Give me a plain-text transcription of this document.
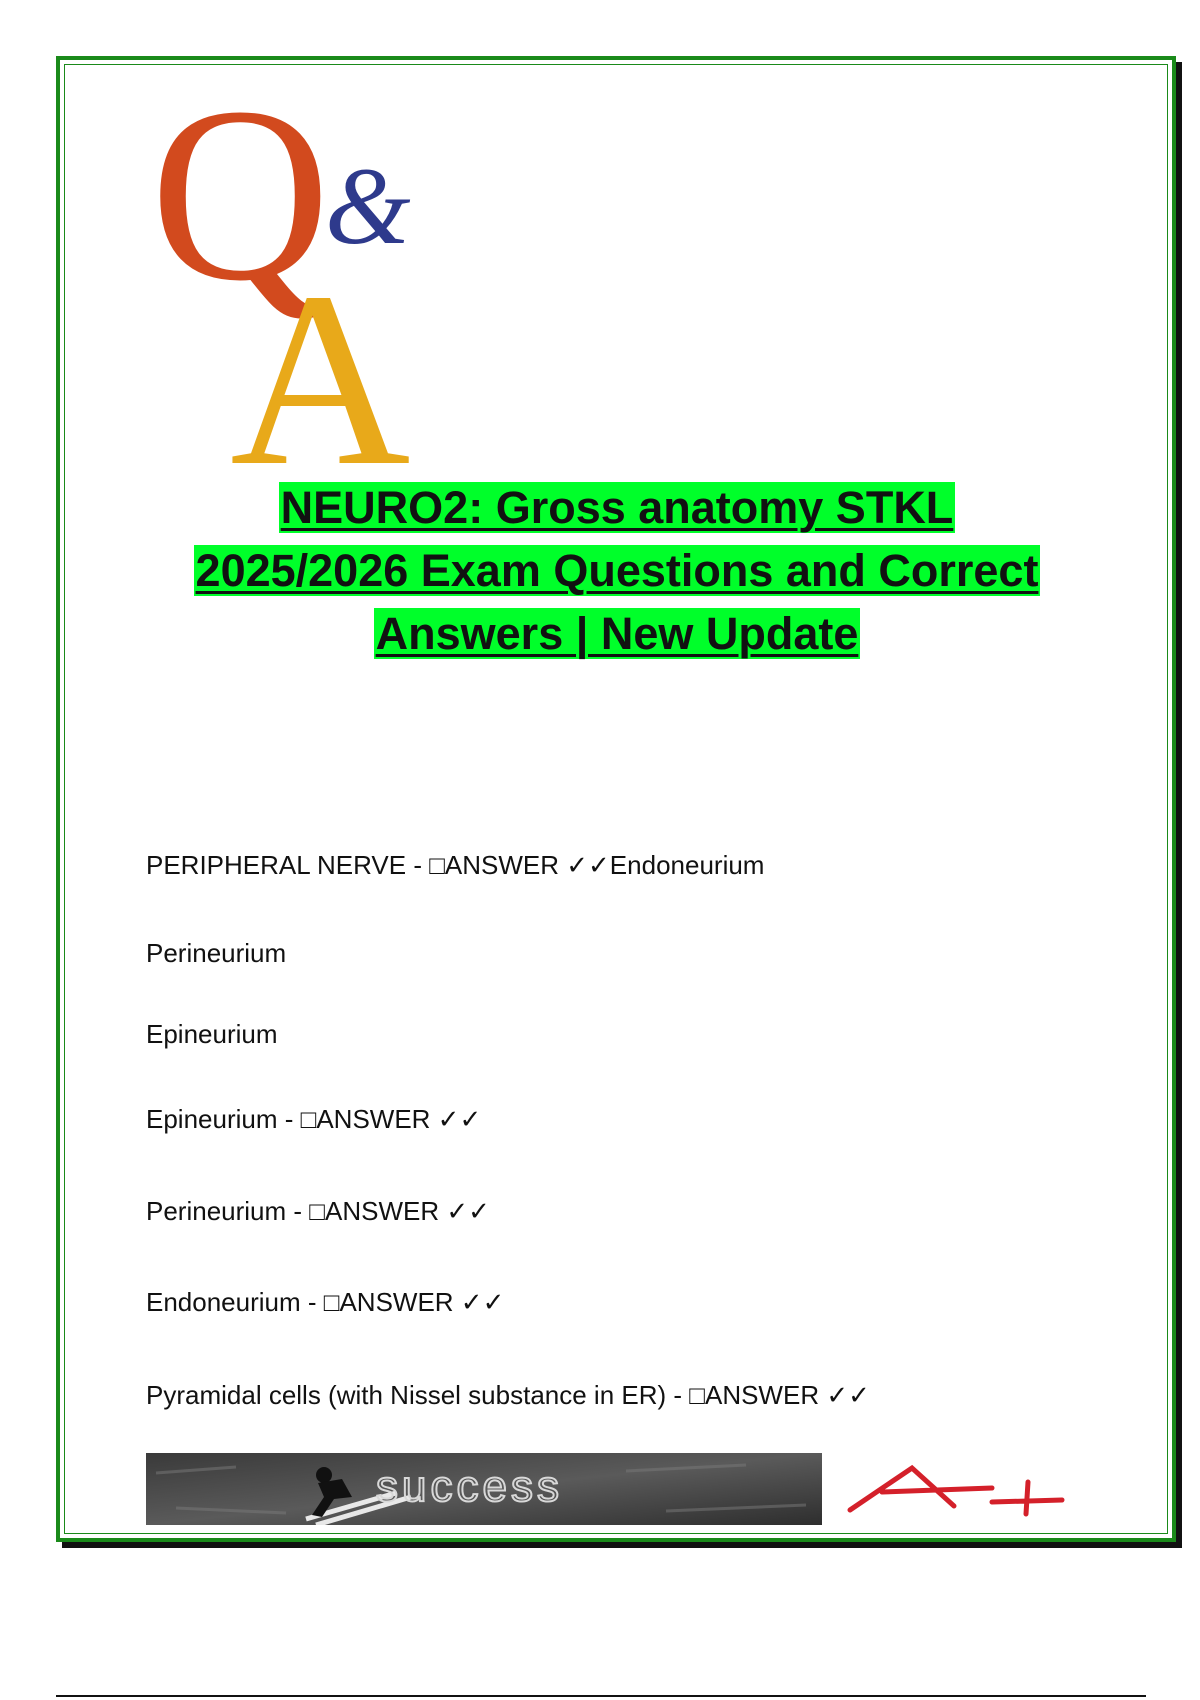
Q
&
A
NEURO2: Gross anatomy STKL
2025/2026 Exam Questions and Correct
Answers | New Update
PERIPHERAL NERVE - □ANSWER ✓✓Endoneurium
Perineurium
Epineurium
Epineurium - □ANSWER ✓✓
Perineurium - □ANSWER ✓✓
Endoneurium - □ANSWER ✓✓
Pyramidal cells (with Nissel substance in ER) - □ANSWER ✓✓
success	A+
